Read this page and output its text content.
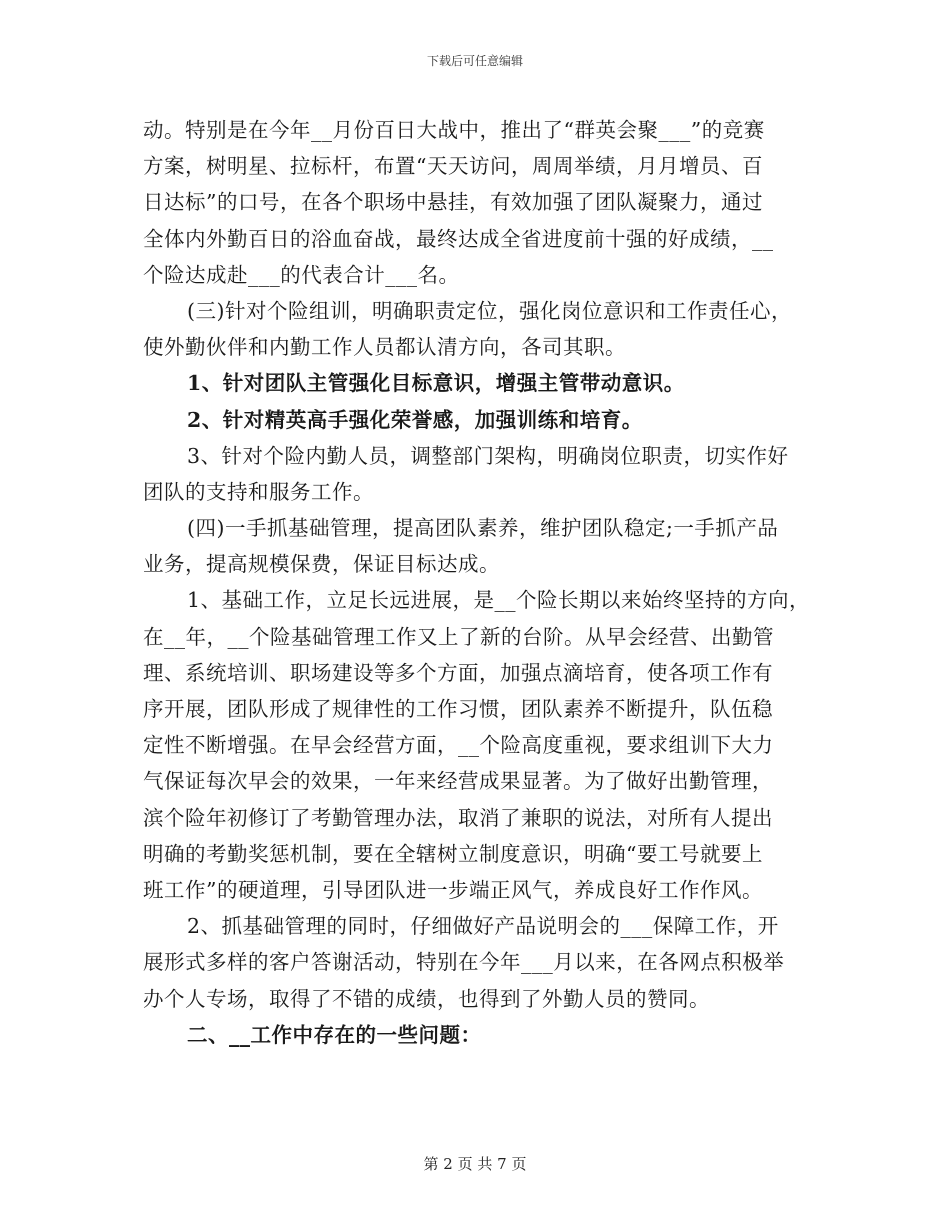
下载后可任意编辑
动。特别是在今年__月份百日大战中，推出了“群英会聚___”的竞赛
方案，树明星、拉标杆，布置“天天访问，周周举绩，月月增员、百
日达标”的口号，在各个职场中悬挂，有效加强了团队凝聚力，通过
全体内外勤百日的浴血奋战，最终达成全省进度前十强的好成绩，__
个险达成赴___的代表合计___名。
(三)针对个险组训，明确职责定位，强化岗位意识和工作责任心，
使外勤伙伴和内勤工作人员都认清方向，各司其职。
1、针对团队主管强化目标意识，增强主管带动意识。
2、针对精英高手强化荣誉感，加强训练和培育。
3、针对个险内勤人员，调整部门架构，明确岗位职责，切实作好
团队的支持和服务工作。
(四)一手抓基础管理，提高团队素养，维护团队稳定;一手抓产品
业务，提高规模保费，保证目标达成。
1、基础工作，立足长远进展，是__个险长期以来始终坚持的方向，
在__年，__个险基础管理工作又上了新的台阶。从早会经营、出勤管
理、系统培训、职场建设等多个方面，加强点滴培育，使各项工作有
序开展，团队形成了规律性的工作习惯，团队素养不断提升，队伍稳
定性不断增强。在早会经营方面，__个险高度重视，要求组训下大力
气保证每次早会的效果，一年来经营成果显著。为了做好出勤管理，
滨个险年初修订了考勤管理办法，取消了兼职的说法，对所有人提出
明确的考勤奖惩机制，要在全辖树立制度意识，明确“要工号就要上
班工作”的硬道理，引导团队进一步端正风气，养成良好工作作风。
2、抓基础管理的同时，仔细做好产品说明会的___保障工作，开
展形式多样的客户答谢活动，特别在今年___月以来，在各网点积极举
办个人专场，取得了不错的成绩，也得到了外勤人员的赞同。
二、__工作中存在的一些问题：
第 2 页 共 7 页
